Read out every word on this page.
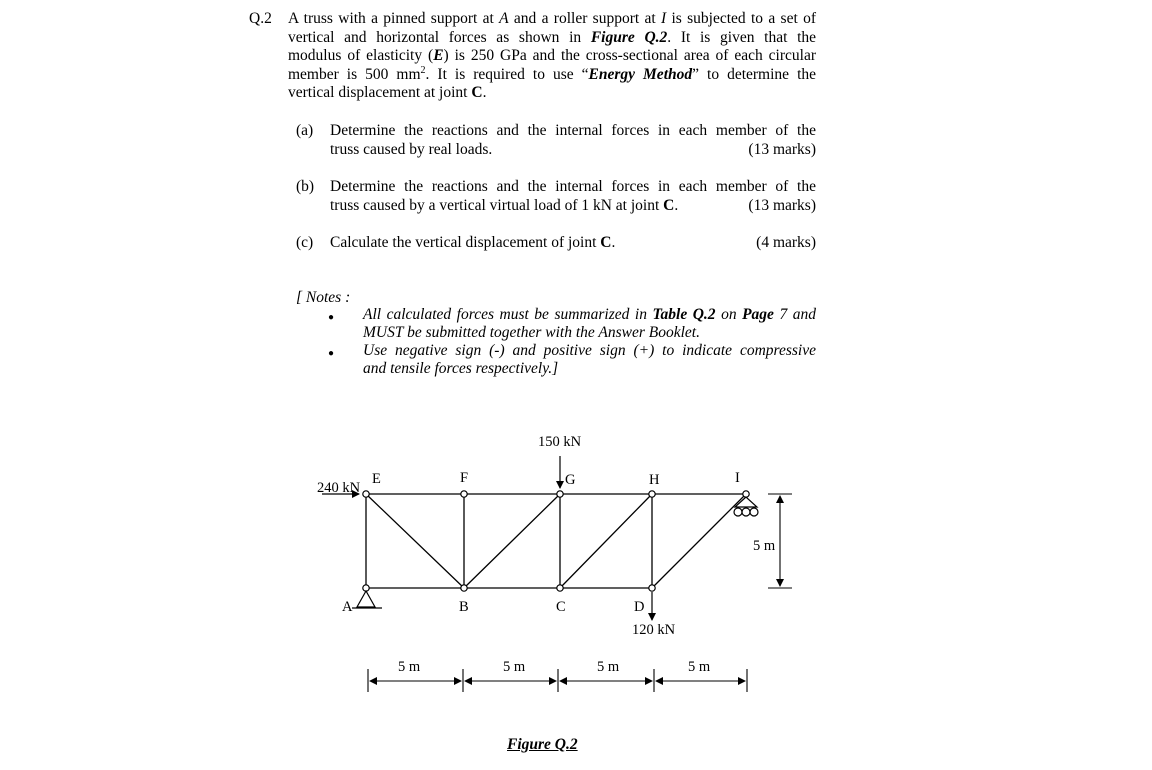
Q.2 A truss with a pinned support at A and a roller support at I is subjected to a set of
vertical and horizontal forces as shown in Figure Q.2. It is given that the
modulus of elasticity (E) is 250 GPa and the cross-sectional area of each circular
member is 500 $mm^2$. It is required to use “Energy Method” to determine the
vertical displacement at joint C.
(a) Determine the reactions and the internal forces in each member of the
truss caused by real loads.	(13 marks)
(b) Determine the reactions and the internal forces in each member of the
truss caused by a vertical virtual load of 1 kN at joint C.	(13 marks)
(c) Calculate the vertical displacement of joint C.	(4 marks)
[ Notes :
● All calculated forces must be summarized in Table Q.2 on Page 7 and
MUST be submitted together with the Answer Booklet.
● Use negative sign (-) and positive sign (+) to indicate compressive
and tensile forces respectively.]
E	F	G	H	I
A	B	C	D
240 kN
150 kN
120 kN
5 m
5 m	5 m	5 m	5 m
Figure Q.2
